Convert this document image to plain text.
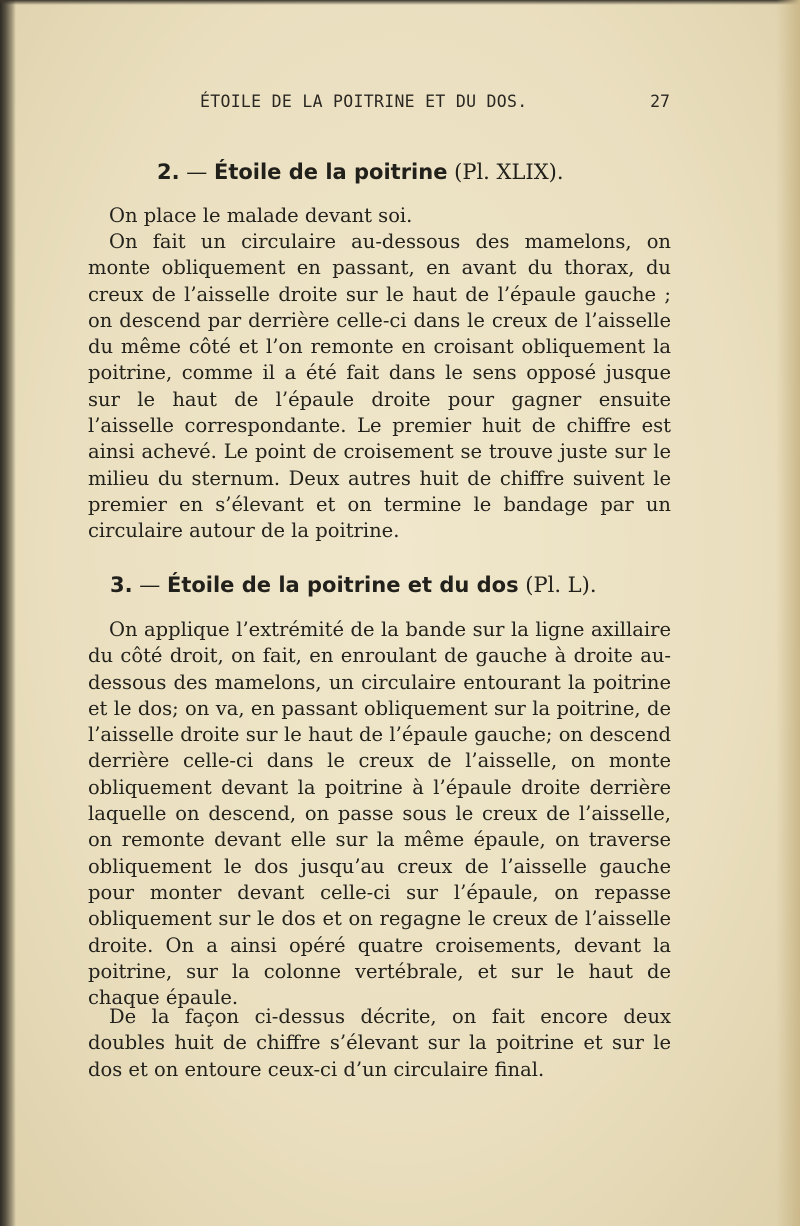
ÉTOILE DE LA POITRINE ET DU DOS.	27
2. — Étoile de la poitrine (Pl. XLIX).

On place le malade devant soi.

On fait un circulaire au-dessous des mamelons, on monte obliquement en passant, en avant du thorax, du creux de l’aisselle droite sur le haut de l’épaule gauche ; on descend par derrière celle-ci dans le creux de l’aisselle du même côté et l’on remonte en croisant obliquement la poitrine, comme il a été fait dans le sens opposé jusque sur le haut de l’épaule droite pour gagner ensuite l’aisselle correspondante. Le premier huit de chiffre est ainsi achevé. Le point de croisement se trouve juste sur le milieu du sternum. Deux autres huit de chiffre suivent le premier en s’élevant et on termine le bandage par un circulaire autour de la poitrine.

3. — Étoile de la poitrine et du dos (Pl. L).

On applique l’extrémité de la bande sur la ligne axillaire du côté droit, on fait, en enroulant de gauche à droite au-dessous des mamelons, un circulaire entourant la poitrine et le dos; on va, en passant obliquement sur la poitrine, de l’aisselle droite sur le haut de l’épaule gauche; on descend derrière celle-ci dans le creux de l’aisselle, on monte obliquement devant la poitrine à l’épaule droite derrière laquelle on descend, on passe sous le creux de l’aisselle, on remonte devant elle sur la même épaule, on traverse obliquement le dos jusqu’au creux de l’aisselle gauche pour monter devant celle-ci sur l’épaule, on repasse obliquement sur le dos et on regagne le creux de l’aisselle droite. On a ainsi opéré quatre croisements, devant la poitrine, sur la colonne vertébrale, et sur le haut de chaque épaule.

De la façon ci-dessus décrite, on fait encore deux doubles huit de chiffre s’élevant sur la poitrine et sur le dos et on entoure ceux-ci d’un circulaire final.
